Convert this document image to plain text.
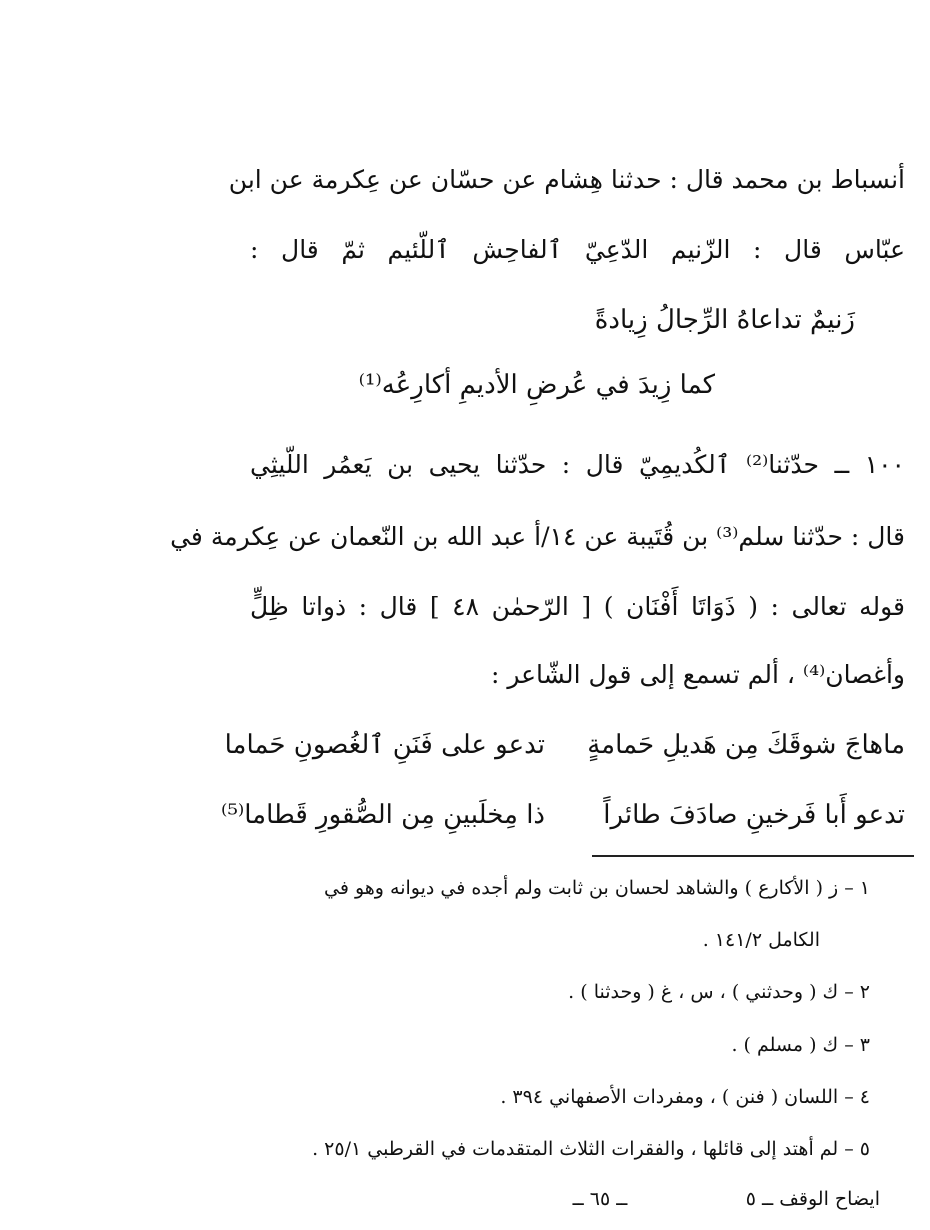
أنسباط بن محمد قال : حدثنا هِشام عن حسّان عن عِكرمة عن ابن
عبّاس قال : الزّنيم الدّعِيّ ٱلفاحِش ٱللّئيم ثمّ قال :
زَنيمٌ تداعاهُ الرِّجالُ زِيادةً
كما زِيدَ في عُرضِ الأديمِ أكارِعُه⁽¹⁾
١٠٠ ــ حدّثنا⁽²⁾ ٱلكُديمِيّ قال : حدّثنا يحيى بن يَعمُر اللّيثِي
قال : حدّثنا سلم⁽³⁾ بن قُتَيبة عن ١٤/أ عبد الله بن النّعمان عن عِكرمة في
قوله تعالى : ( ذَوَاتَا أَفْنَان ) [ الرّحمٰن ٤٨ ] قال : ذواتا ظِلٍّ
وأغصان⁽⁴⁾ ، ألم تسمع إلى قول الشّاعر :
ماهاجَ شوقَكَ مِن هَديلِ حَمامةٍ
تدعو على فَنَنِ ٱلغُصونِ حَماما
تدعو أَبا فَرخينِ صادَفَ طائراً
ذا مِخلَبينِ مِن الصُّقورِ قَطاما⁽⁵⁾
١ – ز ( الأكارع ) والشاهد لحسان بن ثابت ولم أجده في ديوانه وهو في
الكامل ١٤١/٢ .
٢ – ك ( وحدثني ) ، س ، غ ( وحدثنا ) .
٣ – ك ( مسلم ) .
٤ – اللسان ( فنن ) ، ومفردات الأصفهاني ٣٩٤ .
٥ – لم أهتد إلى قائلها ، والفقرات الثلاث المتقدمات في القرطبي ٢٥/١ .
ــ ٦٥ ــ	ايضاح الوقف ــ ٥
